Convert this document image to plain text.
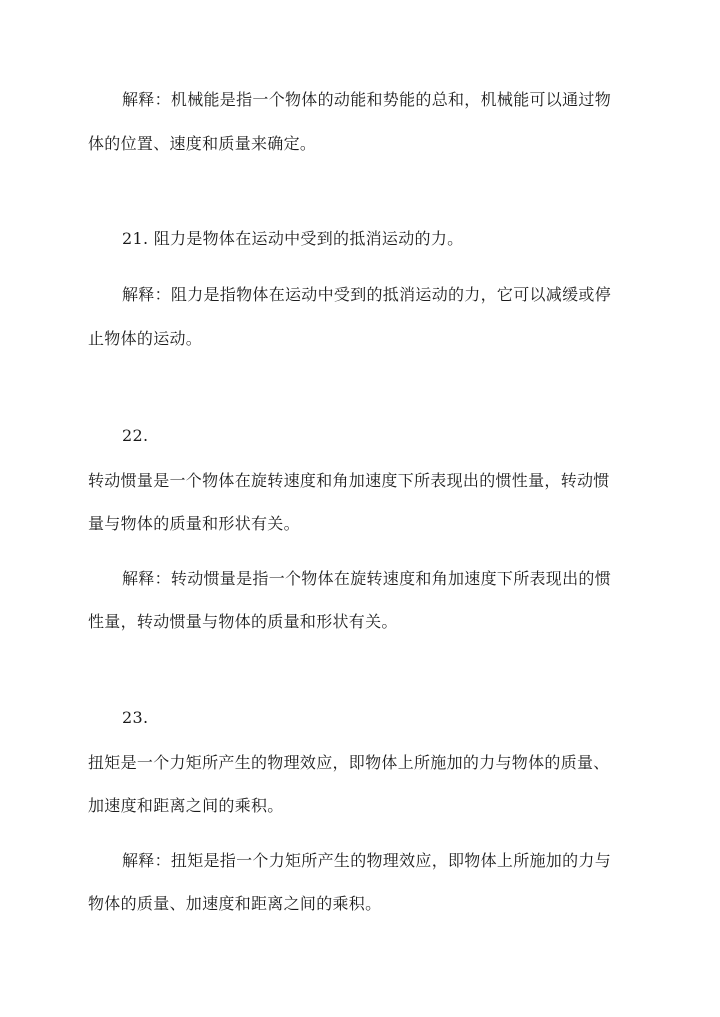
解释：机械能是指一个物体的动能和势能的总和，机械能可以通过物
体的位置、速度和质量来确定。
21. 阻力是物体在运动中受到的抵消运动的力。
解释：阻力是指物体在运动中受到的抵消运动的力，它可以减缓或停
止物体的运动。
22.
转动惯量是一个物体在旋转速度和角加速度下所表现出的惯性量，转动惯
量与物体的质量和形状有关。
解释：转动惯量是指一个物体在旋转速度和角加速度下所表现出的惯
性量，转动惯量与物体的质量和形状有关。
23.
扭矩是一个力矩所产生的物理效应，即物体上所施加的力与物体的质量、
加速度和距离之间的乘积。
解释：扭矩是指一个力矩所产生的物理效应，即物体上所施加的力与
物体的质量、加速度和距离之间的乘积。
